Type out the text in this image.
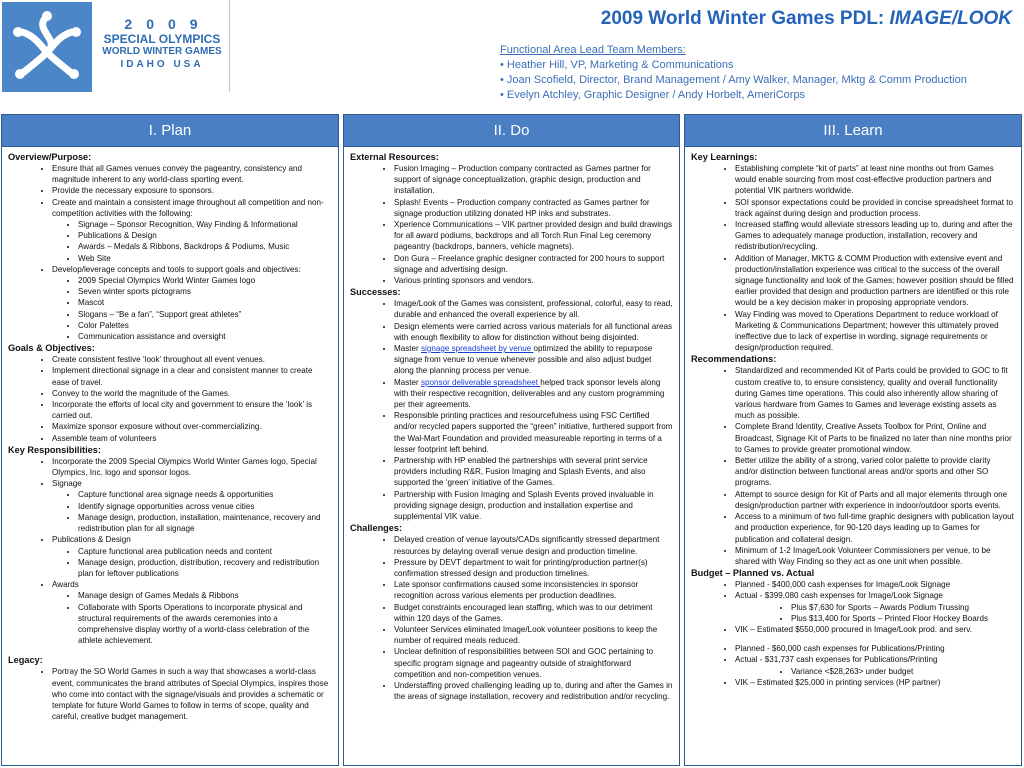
2009
SPECIAL OLYMPICS
WORLD WINTER GAMES
IDAHO USA
2009 World Winter Games PDL: IMAGE/LOOK
Functional Area Lead Team Members:
• Heather Hill, VP, Marketing & Communications
• Joan Scofield, Director, Brand Management / Amy Walker, Manager, Mktg & Comm Production
• Evelyn Atchley, Graphic Designer / Andy Horbelt, AmeriCorps
I. Plan
Overview/Purpose:
• Ensure that all Games venues convey the pageantry, consistency and magnitude inherent to any world-class sporting event.
• Provide the necessary exposure to sponsors.
• Create and maintain a consistent image throughout all competition and non-competition activities with the following:
• Signage – Sponsor Recognition, Way Finding & Informational
• Publications & Design
• Awards – Medals & Ribbons, Backdrops & Podiums, Music
• Web Site
• Develop/leverage concepts and tools to support goals and objectives:
• 2009 Special Olympics World Winter Games logo
• Seven winter sports pictograms
• Mascot
• Slogans – “Be a fan”, “Support great athletes”
• Color Palettes
• Communication assistance and oversight
Goals & Objectives:
• Create consistent festive ‘look’ throughout all event venues.
• Implement directional signage in a clear and consistent manner to create ease of travel.
• Convey to the world the magnitude of the Games.
• Incorporate the efforts of local city and government to ensure the ‘look’ is carried out.
• Maximize sponsor exposure without over-commercializing.
• Assemble team of volunteers
Key Responsibilities:
• Incorporate the 2009 Special Olympics World Winter Games logo, Special Olympics, Inc. logo and sponsor logos.
• Signage
• Capture functional area signage needs & opportunities
• Identify signage opportunities across venue cities
• Manage design, production, installation, maintenance, recovery and redistribution plan for all signage
• Publications & Design
• Capture functional area publication needs and content
• Manage design, production, distribution, recovery and redistribution plan for leftover publications
• Awards
• Manage design of Games Medals & Ribbons
• Collaborate with Sports Operations to incorporate physical and structural requirements of the awards ceremonies into a comprehensive display worthy of a world-class celebration of the athlete achievement.
Legacy:
• Portray the SO World Games in such a way that showcases a world-class event, communicates the brand attributes of Special Olympics, inspires those who come into contact with the signage/visuals and provides a schematic or template for future World Games to follow in terms of scope, quality and careful, creative budget management.
II. Do
External Resources:
• Fusion Imaging – Production company contracted as Games partner for support of signage conceptualization, graphic design, production and installation.
• Splash! Events – Production company contracted as Games partner for signage production utilizing donated HP inks and substrates.
• Xperience Communications – VIK partner provided design and build drawings for all award podiums, backdrops and all Torch Run Final Leg ceremony pageantry (backdrops, banners, vehicle magnets).
• Don Gura – Freelance graphic designer contracted for 200 hours to support signage and advertising design.
• Various printing sponsors and vendors.
Successes:
• Image/Look of the Games was consistent, professional, colorful, easy to read, durable and enhanced the overall experience by all.
• Design elements were carried across various materials for all functional areas with enough flexibility to allow for distinction without being disjointed.
• Master signage spreadsheet by venue optimized the ability to repurpose signage from venue to venue whenever possible and also adjust budget along the planning process per venue.
• Master sponsor deliverable spreadsheet helped track sponsor levels along with their respective recognition, deliverables and any custom programming per their agreements.
• Responsible printing practices and resourcefulness using FSC Certified and/or recycled papers supported the “green” initiative, furthered support from the Wal-Mart Foundation and provided measureable reporting in terms of a lesser footprint left behind.
• Partnership with HP enabled the partnerships with several print service providers including R&R, Fusion Imaging and Splash Events, and also supported the ‘green’ initiative of the Games.
• Partnership with Fusion Imaging and Splash Events proved invaluable in providing signage design, production and installation expertise and supplemental VIK value.
Challenges:
• Delayed creation of venue layouts/CADs significantly stressed department resources by delaying overall venue design and production timeline.
• Pressure by DEVT department to wait for printing/production partner(s) confirmation stressed design and production timelines.
• Late sponsor confirmations caused some inconsistencies in sponsor recognition across various elements per production deadlines.
• Budget constraints encouraged lean staffing, which was to our detriment within 120 days of the Games.
• Volunteer Services eliminated Image/Look volunteer positions to keep the number of required meals reduced.
• Unclear definition of responsibilities between SOI and GOC pertaining to specific program signage and pageantry outside of straightforward competition and non-competition venues.
• Understaffing proved challenging leading up to, during and after the Games in the areas of signage installation, recovery and redistribution and/or recycling.
III. Learn
Key Learnings:
• Establishing complete “kit of parts” at least nine months out from Games would enable sourcing from most cost-effective production partners and potential VIK partners worldwide.
• SOI sponsor expectations could be provided in concise spreadsheet format to track against during design and production process.
• Increased staffing would alleviate stressors leading up to, during and after the Games to adequately manage production, installation, recovery and redistribution/recycling.
• Addition of Manager, MKTG & COMM Production with extensive event and production/installation experience was critical to the success of the overall signage functionality and look of the Games; however position should be filled earlier provided that design and production partners are identified or this role would be a key decision maker in proposing appropriate vendors.
• Way Finding was moved to Operations Department to reduce workload of Marketing & Communications Department; however this ultimately proved ineffective due to lack of expertise in wording, signage requirements or design/production required.
Recommendations:
• Standardized and recommended Kit of Parts could be provided to GOC to fit custom creative to, to ensure consistency, quality and overall functionality during Games time operations. This could also inherently allow sharing of various hardware from Games to Games and leverage existing assets as much as possible.
• Complete Brand Identity, Creative Assets Toolbox for Print, Online and Broadcast, Signage Kit of Parts to be finalized no later than nine months prior to Games to provide greater promotional window.
• Better utilize the ability of a strong, varied color palette to provide clarity and/or distinction between functional areas and/or sports and other SO programs.
• Attempt to source design for Kit of Parts and all major elements through one design/production partner with experience in indoor/outdoor sports events.
• Access to a minimum of two full-time graphic designers with publication layout and production experience, for 90-120 days leading up to Games for publication and collateral design.
• Minimum of 1-2 Image/Look Volunteer Commissioners per venue, to be shared with Way Finding so they act as one unit when possible.
Budget – Planned vs. Actual
• Planned - $400,000 cash expenses for Image/Look Signage
• Actual - $399,080 cash expenses for Image/Look Signage
• Plus $7,630 for Sports – Awards Podium Trussing
• Plus $13,400 for Sports – Printed Floor Hockey Boards
• VIK – Estimated $550,000 procured in Image/Look prod. and serv.
• Planned - $60,000 cash expenses for Publications/Printing
• Actual - $31,737 cash expenses for Publications/Printing
• Variance <$28,263> under budget
• VIK – Estimated $25,000 in printing services (HP partner)
